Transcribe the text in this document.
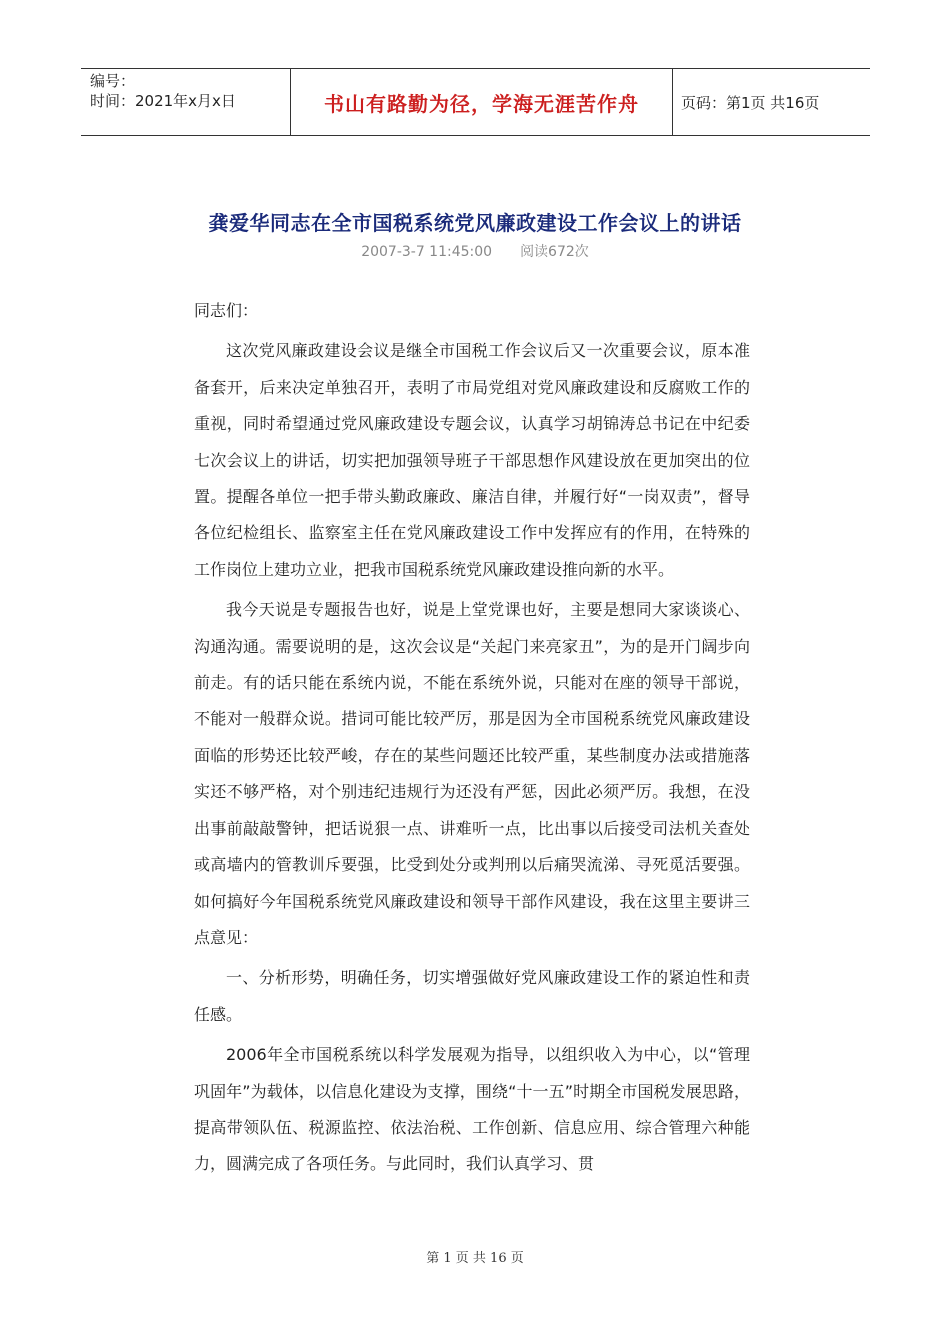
编号：
时间：2021年x月x日	书山有路勤为径，学海无涯苦作舟	页码：第1页 共16页
龚爱华同志在全市国税系统党风廉政建设工作会议上的讲话
2007-3-7 11:45:00 阅读672次

同志们：

这次党风廉政建设会议是继全市国税工作会议后又一次重要会议，原本准备套开，后来决定单独召开，表明了市局党组对党风廉政建设和反腐败工作的重视，同时希望通过党风廉政建设专题会议，认真学习胡锦涛总书记在中纪委七次会议上的讲话，切实把加强领导班子干部思想作风建设放在更加突出的位置。提醒各单位一把手带头勤政廉政、廉洁自律，并履行好“一岗双责”，督导各位纪检组长、监察室主任在党风廉政建设工作中发挥应有的作用，在特殊的工作岗位上建功立业，把我市国税系统党风廉政建设推向新的水平。

我今天说是专题报告也好，说是上堂党课也好，主要是想同大家谈谈心、沟通沟通。需要说明的是，这次会议是“关起门来亮家丑”，为的是开门阔步向前走。有的话只能在系统内说，不能在系统外说，只能对在座的领导干部说，不能对一般群众说。措词可能比较严厉，那是因为全市国税系统党风廉政建设面临的形势还比较严峻，存在的某些问题还比较严重，某些制度办法或措施落实还不够严格，对个别违纪违规行为还没有严惩，因此必须严厉。我想，在没出事前敲敲警钟，把话说狠一点、讲难听一点，比出事以后接受司法机关查处或高墙内的管教训斥要强，比受到处分或判刑以后痛哭流涕、寻死觅活要强。如何搞好今年国税系统党风廉政建设和领导干部作风建设，我在这里主要讲三点意见：

一、分析形势，明确任务，切实增强做好党风廉政建设工作的紧迫性和责任感。

2006年全市国税系统以科学发展观为指导，以组织收入为中心，以“管理巩固年”为载体，以信息化建设为支撑，围绕“十一五”时期全市国税发展思路，提高带领队伍、税源监控、依法治税、工作创新、信息应用、综合管理六种能力，圆满完成了各项任务。与此同时，我们认真学习、贯

第 1 页 共 16 页
